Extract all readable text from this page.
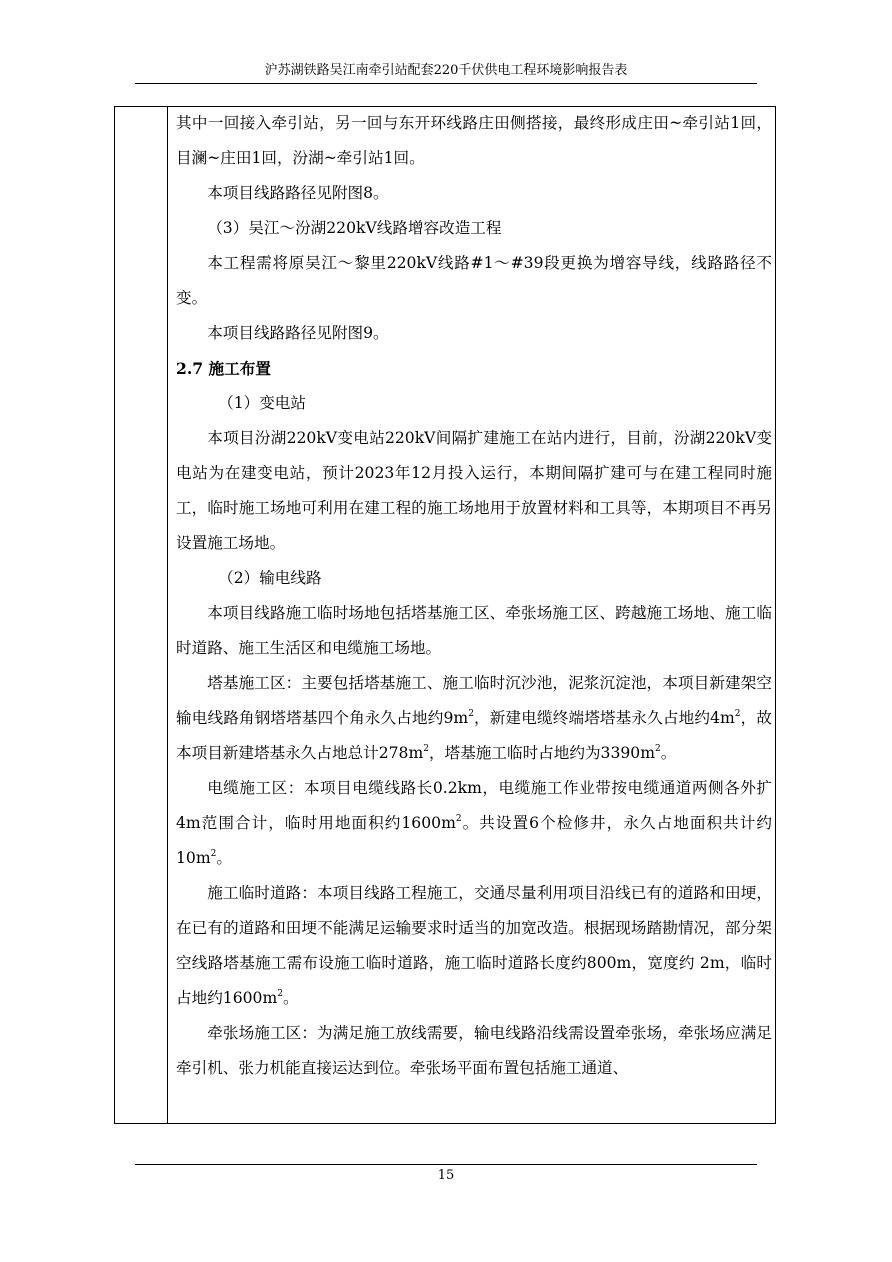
沪苏湖铁路吴江南牵引站配套220千伏供电工程环境影响报告表

其中一回接入牵引站，另一回与东开环线路庄田侧搭接，最终形成庄田~牵引站1回，目澜~庄田1回，汾湖~牵引站1回。

本项目线路路径见附图8。

（3）吴江～汾湖220kV线路增容改造工程

本工程需将原吴江～黎里220kV线路#1～#39段更换为增容导线，线路路径不变。

本项目线路路径见附图9。

2.7 施工布置

（1）变电站

本项目汾湖220kV变电站220kV间隔扩建施工在站内进行，目前，汾湖220kV变电站为在建变电站，预计2023年12月投入运行，本期间隔扩建可与在建工程同时施工，临时施工场地可利用在建工程的施工场地用于放置材料和工具等，本期项目不再另设置施工场地。

（2）输电线路

本项目线路施工临时场地包括塔基施工区、牵张场施工区、跨越施工场地、施工临时道路、施工生活区和电缆施工场地。

塔基施工区：主要包括塔基施工、施工临时沉沙池，泥浆沉淀池，本项目新建架空输电线路角钢塔塔基四个角永久占地约$9m^2$，新建电缆终端塔塔基永久占地约$4m^2$，故本项目新建塔基永久占地总计$278m^2$，塔基施工临时占地约为$3390m^2$。

电缆施工区：本项目电缆线路长0.2km，电缆施工作业带按电缆通道两侧各外扩4m范围合计，临时用地面积约$1600m^2$。共设置6个检修井，永久占地面积共计约$10m^2$。

施工临时道路：本项目线路工程施工，交通尽量利用项目沿线已有的道路和田埂，在已有的道路和田埂不能满足运输要求时适当的加宽改造。根据现场踏勘情况，部分架空线路塔基施工需布设施工临时道路，施工临时道路长度约800m，宽度约 2m，临时占地约$1600m^2$。

牵张场施工区：为满足施工放线需要，输电线路沿线需设置牵张场，牵张场应满足牵引机、张力机能直接运达到位。牵张场平面布置包括施工通道、

15
